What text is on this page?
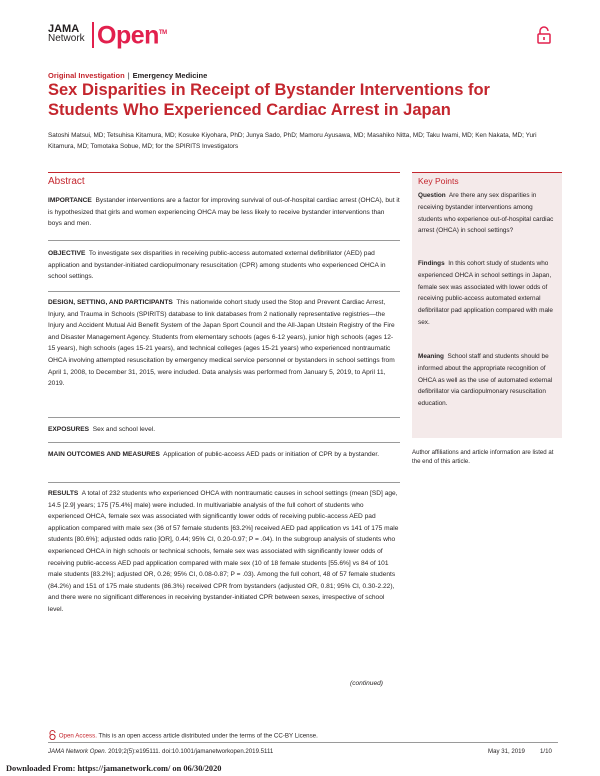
JAMA
Network Open™
Original Investigation | Emergency Medicine
Sex Disparities in Receipt of Bystander Interventions for Students Who Experienced Cardiac Arrest in Japan
Satoshi Matsui, MD; Tetsuhisa Kitamura, MD; Kosuke Kiyohara, PhD; Junya Sado, PhD; Mamoru Ayusawa, MD; Masahiko Nitta, MD; Taku Iwami, MD; Ken Nakata, MD; Yuri Kitamura, MD; Tomotaka Sobue, MD; for the SPIRITS Investigators
Abstract
IMPORTANCE Bystander interventions are a factor for improving survival of out-of-hospital cardiac arrest (OHCA), but it is hypothesized that girls and women experiencing OHCA may be less likely to receive bystander interventions than boys and men.
OBJECTIVE To investigate sex disparities in receiving public-access automated external defibrillator (AED) pad application and bystander-initiated cardiopulmonary resuscitation (CPR) among students who experienced OHCA in school settings.
DESIGN, SETTING, AND PARTICIPANTS This nationwide cohort study used the Stop and Prevent Cardiac Arrest, Injury, and Trauma in Schools (SPIRITS) database to link databases from 2 nationally representative registries—the Injury and Accident Mutual Aid Benefit System of the Japan Sport Council and the All-Japan Utstein Registry of the Fire and Disaster Management Agency. Students from elementary schools (ages 6-12 years), junior high schools (ages 12-15 years), high schools (ages 15-21 years), and technical colleges (ages 15-21 years) who experienced nontraumatic OHCA involving attempted resuscitation by emergency medical service personnel or bystanders in school settings from April 1, 2008, to December 31, 2015, were included. Data analysis was performed from January 5, 2019, to April 11, 2019.
EXPOSURES Sex and school level.
MAIN OUTCOMES AND MEASURES Application of public-access AED pads or initiation of CPR by a bystander.
RESULTS A total of 232 students who experienced OHCA with nontraumatic causes in school settings (mean [SD] age, 14.5 [2.9] years; 175 [75.4%] male) were included. In multivariable analysis of the full cohort of students who experienced OHCA, female sex was associated with significantly lower odds of receiving public-access AED pad application compared with male sex (36 of 57 female students [63.2%] received AED pad application vs 141 of 175 male students [80.6%]; adjusted odds ratio [OR], 0.44; 95% CI, 0.20-0.97; P = .04). In the subgroup analysis of students who experienced OHCA in high schools or technical schools, female sex was associated with significantly lower odds of receiving public-access AED pad application compared with male sex (10 of 18 female students [55.6%] vs 84 of 101 male students [83.2%]; adjusted OR, 0.26; 95% CI, 0.08-0.87; P = .03). Among the full cohort, 48 of 57 female students (84.2%) and 151 of 175 male students (86.3%) received CPR from bystanders (adjusted OR, 0.81; 95% CI, 0.30-2.22), and there were no significant differences in receiving bystander-initiated CPR between sexes, irrespective of school level.
(continued)
Key Points
Question Are there any sex disparities in receiving bystander interventions among students who experience out-of-hospital cardiac arrest (OHCA) in school settings?
Findings In this cohort study of students who experienced OHCA in school settings in Japan, female sex was associated with lower odds of receiving public-access automated external defibrillator pad application compared with male sex.
Meaning School staff and students should be informed about the appropriate recognition of OHCA as well as the use of automated external defibrillator via cardiopulmonary resuscitation education.
Author affiliations and article information are listed at the end of this article.
Open Access. This is an open access article distributed under the terms of the CC-BY License.
JAMA Network Open. 2019;2(5):e195111. doi:10.1001/jamanetworkopen.2019.5111	May 31, 2019 1/10
Downloaded From: https://jamanetwork.com/ on 06/30/2020
